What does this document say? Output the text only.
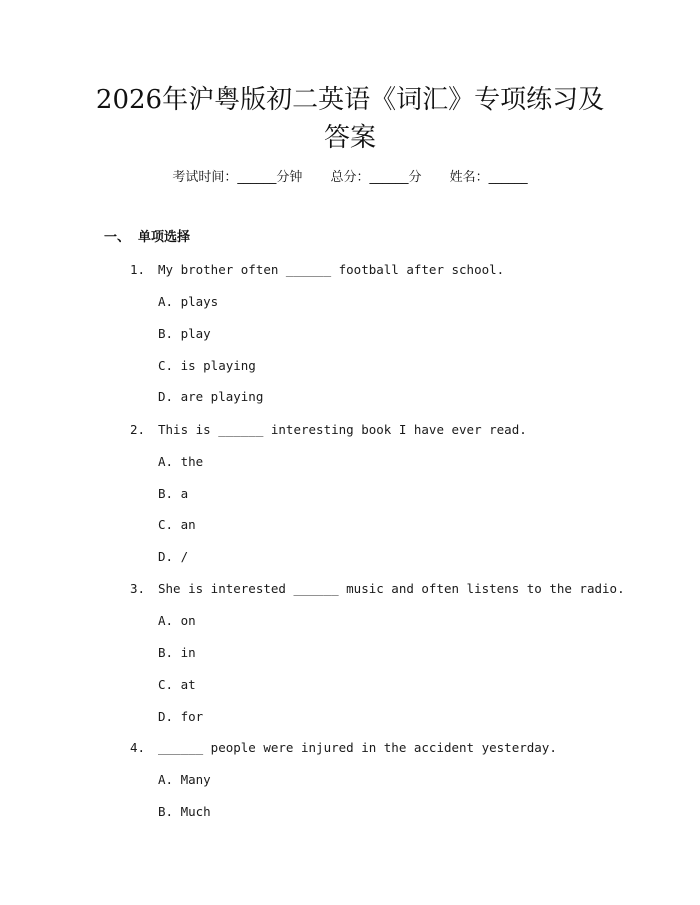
2026年沪粤版初二英语《词汇》专项练习及
答案
考试时间：______分钟 总分：______分 姓名：______
一、 单项选择
1. My brother often ______ football after school.
A. plays
B. play
C. is playing
D. are playing
2. This is ______ interesting book I have ever read.
A. the
B. a
C. an
D. /
3. She is interested ______ music and often listens to the radio.
A. on
B. in
C. at
D. for
4. ______ people were injured in the accident yesterday.
A. Many
B. Much
